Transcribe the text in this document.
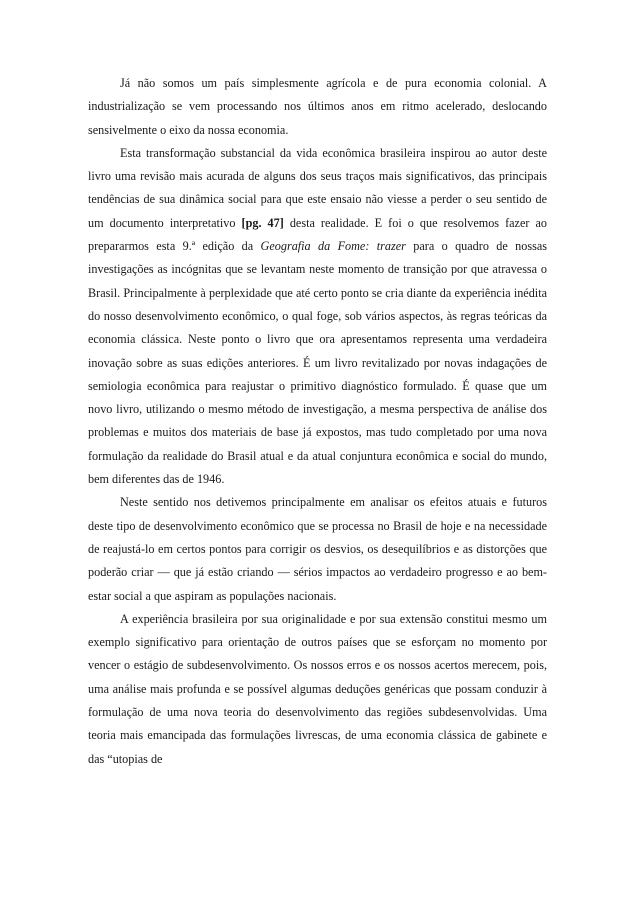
Já não somos um país simplesmente agrícola e de pura economia colonial. A industrialização se vem processando nos últimos anos em ritmo acelerado, deslocando sensivelmente o eixo da nossa economia.

Esta transformação substancial da vida econômica brasileira inspirou ao autor deste livro uma revisão mais acurada de alguns dos seus traços mais significativos, das principais tendências de sua dinâmica social para que este ensaio não viesse a perder o seu sentido de um documento interpretativo [pg. 47] desta realidade. E foi o que resolvemos fazer ao prepararmos esta 9.ª edição da Geografia da Fome: trazer para o quadro de nossas investigações as incógnitas que se levantam neste momento de transição por que atravessa o Brasil. Principalmente à perplexidade que até certo ponto se cria diante da experiência inédita do nosso desenvolvimento econômico, o qual foge, sob vários aspectos, às regras teóricas da economia clássica. Neste ponto o livro que ora apresentamos representa uma verdadeira inovação sobre as suas edições anteriores. É um livro revitalizado por novas indagações de semiologia econômica para reajustar o primitivo diagnóstico formulado. É quase que um novo livro, utilizando o mesmo método de investigação, a mesma perspectiva de análise dos problemas e muitos dos materiais de base já expostos, mas tudo completado por uma nova formulação da realidade do Brasil atual e da atual conjuntura econômica e social do mundo, bem diferentes das de 1946.

Neste sentido nos detivemos principalmente em analisar os efeitos atuais e futuros deste tipo de desenvolvimento econômico que se processa no Brasil de hoje e na necessidade de reajustá-lo em certos pontos para corrigir os desvios, os desequilíbrios e as distorções que poderão criar — que já estão criando — sérios impactos ao verdadeiro progresso e ao bem-estar social a que aspiram as populações nacionais.

A experiência brasileira por sua originalidade e por sua extensão constitui mesmo um exemplo significativo para orientação de outros países que se esforçam no momento por vencer o estágio de subdesenvolvimento. Os nossos erros e os nossos acertos merecem, pois, uma análise mais profunda e se possível algumas deduções genéricas que possam conduzir à formulação de uma nova teoria do desenvolvimento das regiões subdesenvolvidas. Uma teoria mais emancipada das formulações livrescas, de uma economia clássica de gabinete e das “utopias de
